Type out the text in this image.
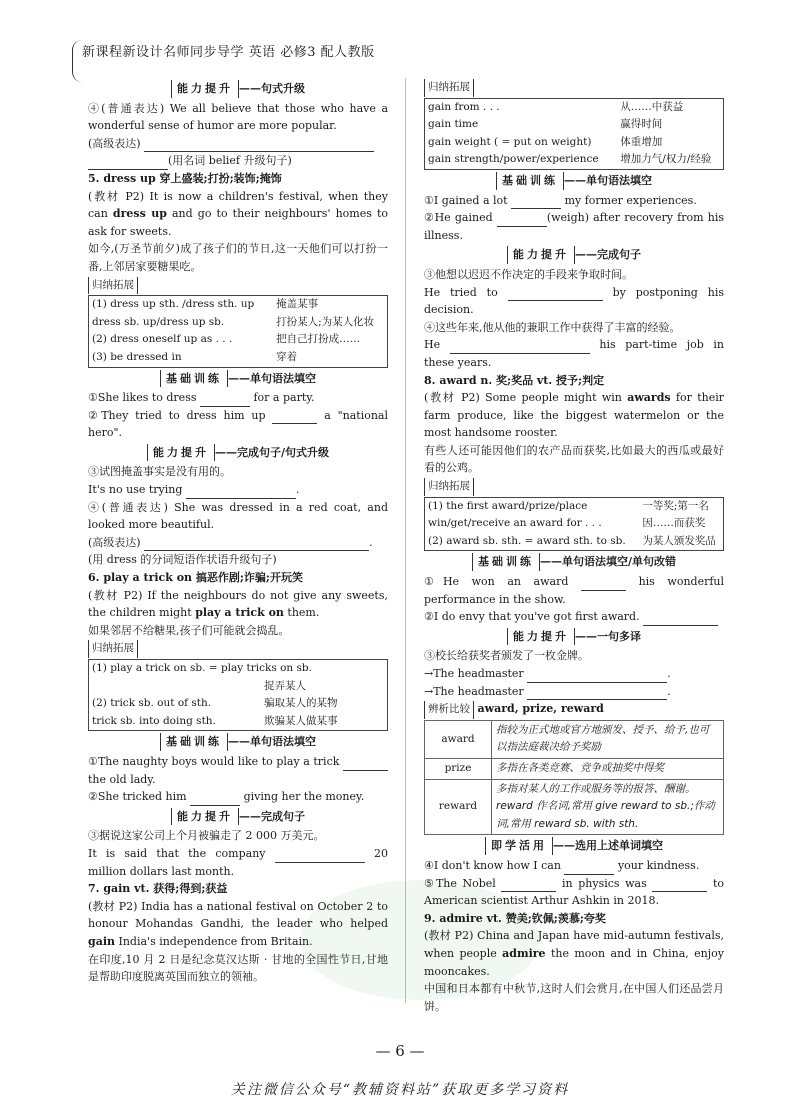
新课程新设计名师同步导学 英语 必修3 配人教版
能力提升 ——句式升级

④(普通表达) We all believe that those who have a wonderful sense of humor are more popular.

(高级表达)

(用名词 belief 升级句子)

5. dress up 穿上盛装;打扮;装饰;掩饰

(教材 P2) It is now a children's festival, when they can dress up and go to their neighbours' homes to ask for sweets.

如今,(万圣节前夕)成了孩子们的节日,这一天他们可以打扮一番,上邻居家要糖果吃。

归纳拓展
(1) dress up sth. /dress sth. up	掩盖某事
dress sb. up/dress up sb.	打扮某人;为某人化妆
(2) dress oneself up as . . .	把自己打扮成……
(3) be dressed in	穿着
基础训练 ——单句语法填空

①She likes to dress	for a party.

②They tried to dress him up	a "national hero".

能力提升 ——完成句子/句式升级

③试图掩盖事实是没有用的。

It's no use trying	.

④(普通表达) She was dressed in a red coat, and looked more beautiful.

(高级表达)	.

(用 dress 的分词短语作状语升级句子)

6. play a trick on 搞恶作剧;诈骗;开玩笑

(教材 P2) If the neighbours do not give any sweets, the children might play a trick on them.

如果邻居不给糖果,孩子们可能就会捣乱。

归纳拓展
(1) play a trick on sb. = play tricks on sb.	
	捉弄某人
(2) trick sb. out of sth.	骗取某人的某物
trick sb. into doing sth.	欺骗某人做某事
基础训练 ——单句语法填空

①The naughty boys would like to play a trick  the old lady.

②She tricked him	giving her the money.

能力提升 ——完成句子

③据说这家公司上个月被骗走了 2 000 万美元。

It is said that the company	20 million dollars last month.

7. gain vt. 获得;得到;获益

(教材 P2) India has a national festival on October 2 to honour Mohandas Gandhi, the leader who helped gain India's independence from Britain.

在印度,10 月 2 日是纪念莫汉达斯 · 甘地的全国性节日,甘地是帮助印度脱离英国而独立的领袖。

归纳拓展
gain from . . .	从……中获益
gain time	赢得时间
gain weight ( = put on weight)	体重增加
gain strength/power/experience	增加力气/权力/经验
基础训练 ——单句语法填空

①I gained a lot	my former experiences.

②He gained	(weigh) after recovery from his illness.

能力提升 ——完成句子

③他想以迟迟不作决定的手段来争取时间。

He tried to	by postponing his decision.

④这些年来,他从他的兼职工作中获得了丰富的经验。

He	his part-time job in these years.

8. award n. 奖;奖品 vt. 授予;判定

(教材 P2) Some people might win awards for their farm produce, like the biggest watermelon or the most handsome rooster.

有些人还可能因他们的农产品而获奖,比如最大的西瓜或最好看的公鸡。

归纳拓展
(1) the first award/prize/place	一等奖;第一名
win/get/receive an award for . . .	因……而获奖
(2) award sb. sth. = award sth. to sb.	为某人颁发奖品
基础训练 ——单句语法填空/单句改错

①He won an award	his wonderful performance in the show.

②I do envy that you've got first award.

能力提升 ——一句多译

③校长给获奖者颁发了一枚金牌。

→The headmaster	.

→The headmaster	.

辨析比较 award, prize, reward

award	指较为正式地或官方地颁发、授予、给予,也可以指法庭裁决给予奖励
prize	多指在各类竞赛、竞争或抽奖中得奖
reward	多指对某人的工作或服务等的报答、酬谢。reward 作名词,常用 give reward to sb.;作动词,常用 reward sb. with sth.
即学活用 ——选用上述单词填空

④I don't know how I can	your kindness.

⑤The Nobel	in physics was	to American scientist Arthur Ashkin in 2018.

9. admire vt. 赞美;钦佩;羡慕;夸奖

(教材 P2) China and Japan have mid-autumn festivals, when people admire the moon and in China, enjoy mooncakes.

中国和日本都有中秋节,这时人们会赏月,在中国人们还品尝月饼。

— 6 —
关注微信公众号“教辅资料站”获取更多学习资料
